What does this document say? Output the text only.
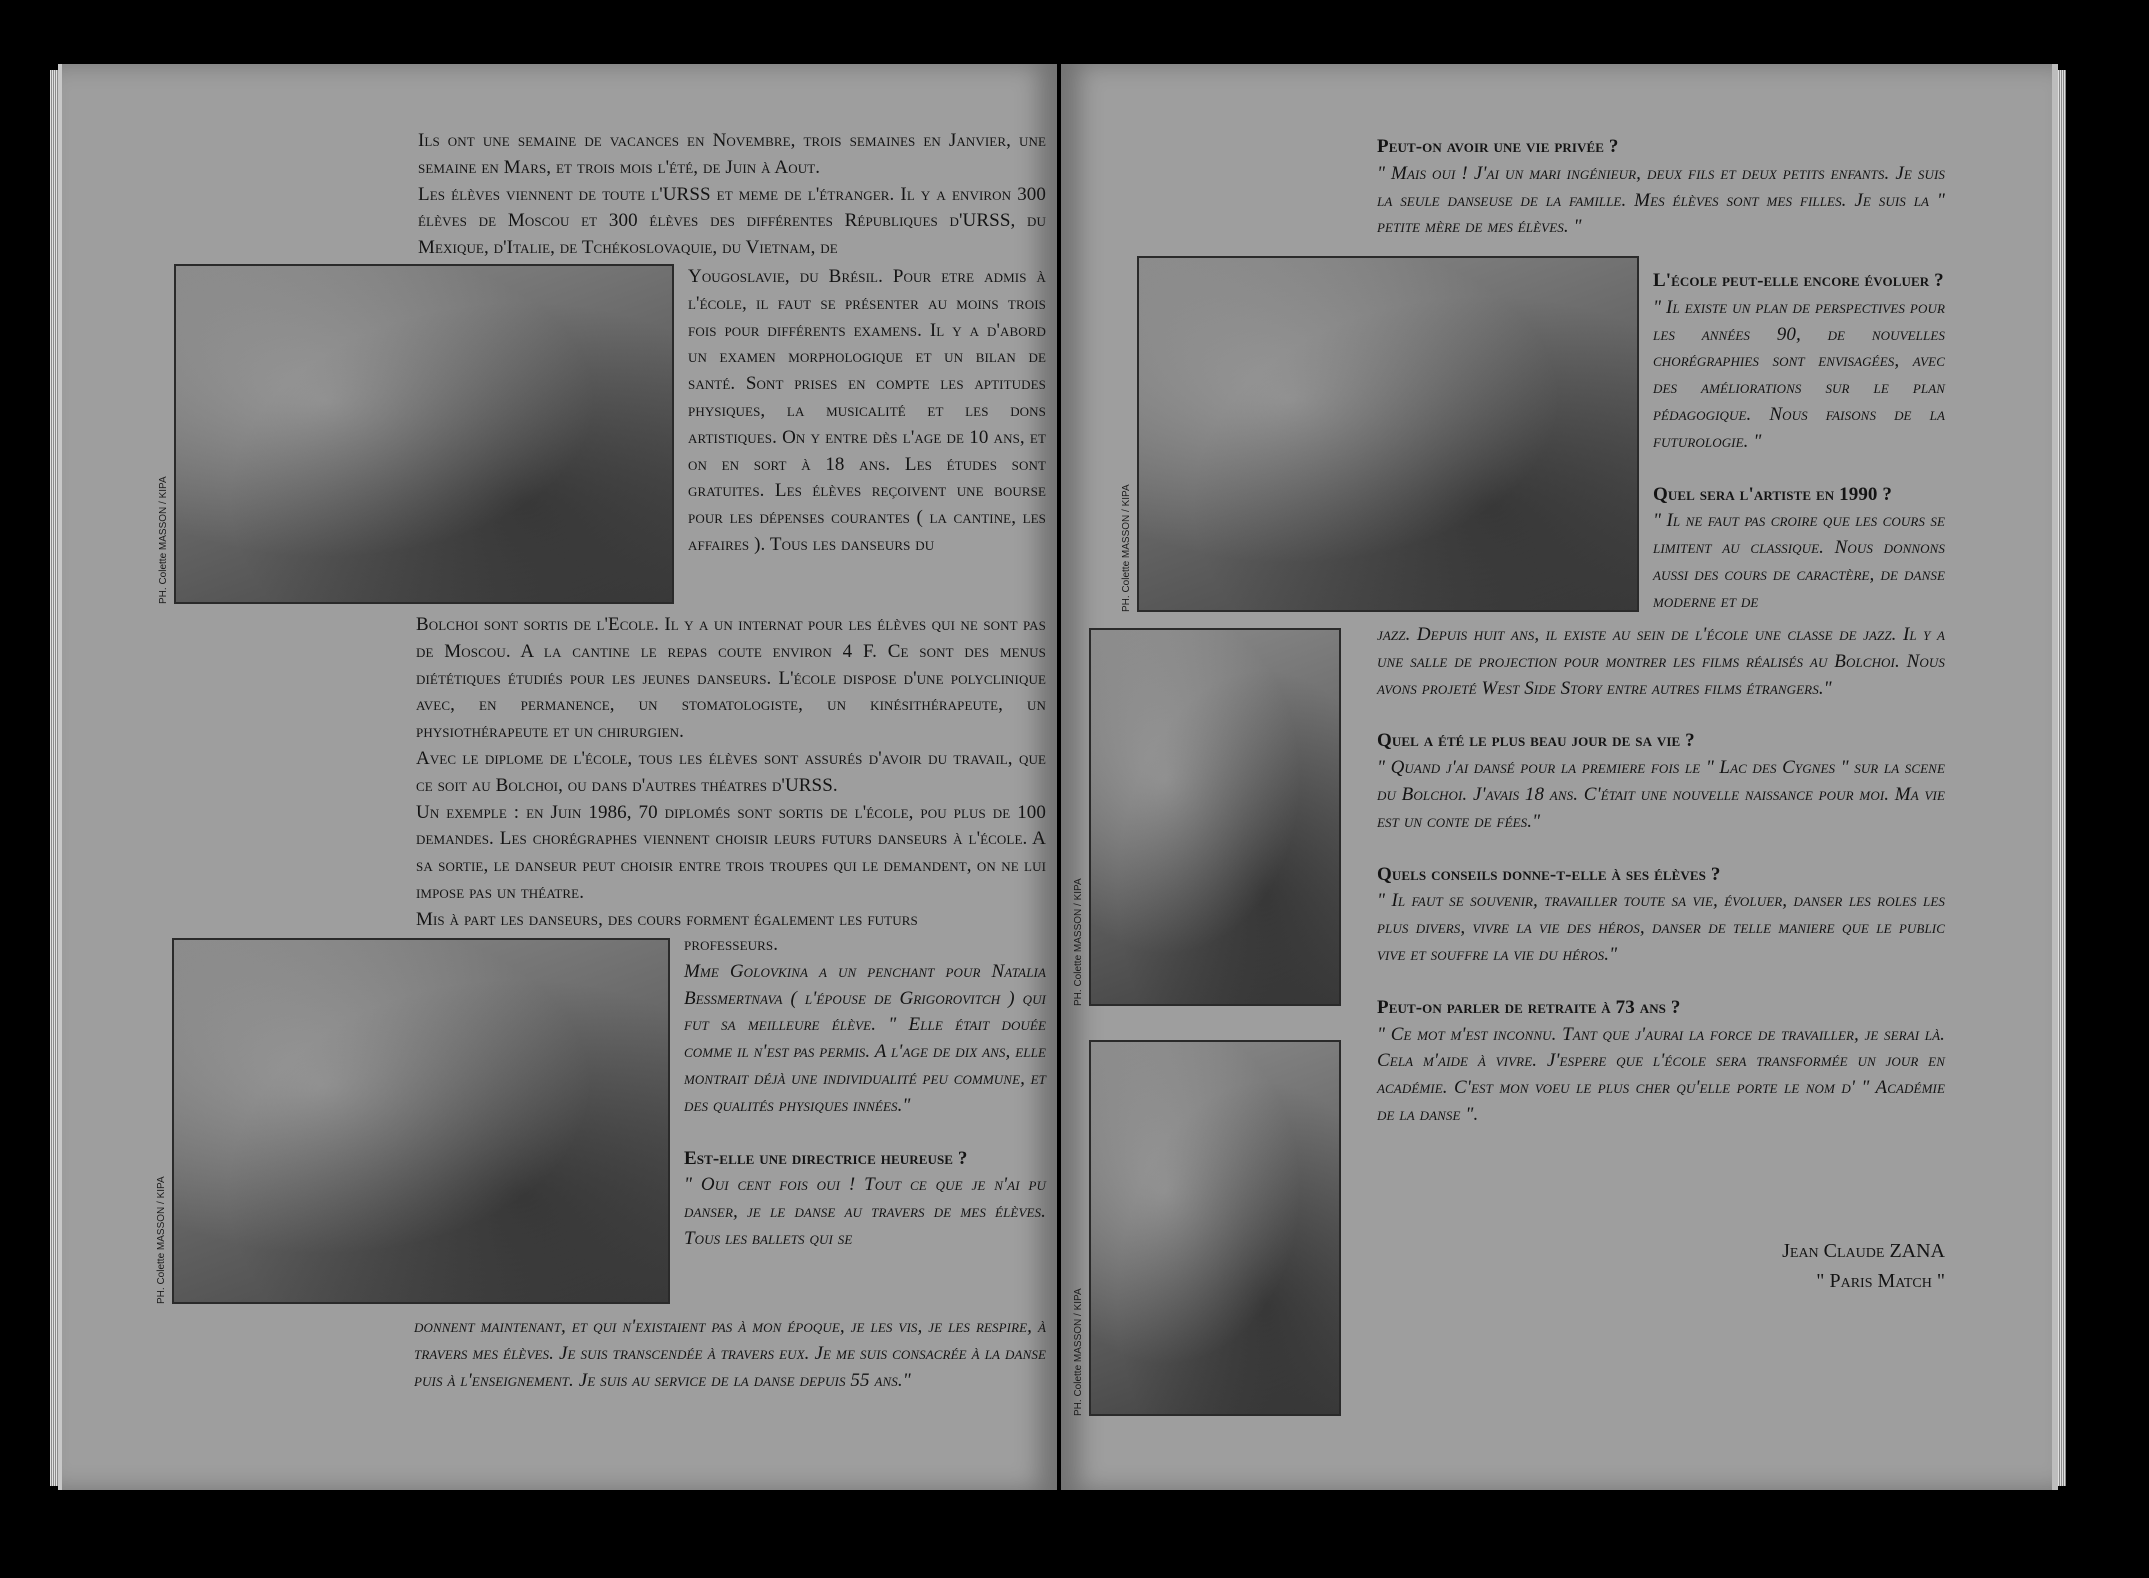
Ils ont une semaine de vacances en Novembre, trois semaines en Janvier, une semaine en Mars, et trois mois l'été, de Juin à Aout.

Les élèves viennent de toute l'URSS et meme de l'étranger. Il y a environ 300 élèves de Moscou et 300 élèves des différentes Républiques d'URSS, du Mexique, d'Italie, de Tchékoslovaquie, du Vietnam, de

PH. Colette MASSON / KIPA

Yougoslavie, du Brésil. Pour etre admis à l'école, il faut se présenter au moins trois fois pour différents examens. Il y a d'abord un examen morphologique et un bilan de santé. Sont prises en compte les aptitudes physiques, la musicalité et les dons artistiques. On y entre dès l'age de 10 ans, et on en sort à 18 ans. Les études sont gratuites. Les élèves reçoivent une bourse pour les dépenses courantes ( la cantine, les affaires ). Tous les danseurs du

Bolchoi sont sortis de l'Ecole. Il y a un internat pour les élèves qui ne sont pas de Moscou. A la cantine le repas coute environ 4 F. Ce sont des menus diététiques étudiés pour les jeunes danseurs. L'école dispose d'une polyclinique avec, en permanence, un stomatologiste, un kinésithérapeute, un physiothérapeute et un chirurgien.

Avec le diplome de l'école, tous les élèves sont assurés d'avoir du travail, que ce soit au Bolchoi, ou dans d'autres théatres d'URSS.

Un exemple : en Juin 1986, 70 diplomés sont sortis de l'école, pou plus de 100 demandes. Les chorégraphes viennent choisir leurs futurs danseurs à l'école. A sa sortie, le danseur peut choisir entre trois troupes qui le demandent, on ne lui impose pas un théatre.

Mis à part les danseurs, des cours forment également les futurs

PH. Colette MASSON / KIPA

professeurs.

Mme Golovkina a un penchant pour Natalia Bessmertnava ( l'épouse de Grigorovitch ) qui fut sa meilleure élève. " Elle était douée comme il n'est pas permis. A l'age de dix ans, elle montrait déjà une individualité peu commune, et des qualités physiques innées."

Est-elle une directrice heureuse ?

" Oui cent fois oui ! Tout ce que je n'ai pu danser, je le danse au travers de mes élèves. Tous les ballets qui se

donnent maintenant, et qui n'existaient pas à mon époque, je les vis, je les respire, à travers mes élèves. Je suis transcendée à travers eux. Je me suis consacrée à la danse puis à l'enseignement. Je suis au service de la danse depuis 55 ans."

Peut-on avoir une vie privée ?

" Mais oui ! J'ai un mari ingénieur, deux fils et deux petits enfants. Je suis la seule danseuse de la famille. Mes élèves sont mes filles. Je suis la " petite mère de mes élèves. "

PH. Colette MASSON / KIPA

L'école peut-elle encore évoluer ?

" Il existe un plan de perspectives pour les années 90, de nouvelles chorégraphies sont envisagées, avec des améliorations sur le plan pédagogique. Nous faisons de la futurologie. "

Quel sera l'artiste en 1990 ?

" Il ne faut pas croire que les cours se limitent au classique. Nous donnons aussi des cours de caractère, de danse moderne et de

PH. Colette MASSON / KIPA
PH. Colette MASSON / KIPA

jazz. Depuis huit ans, il existe au sein de l'école une classe de jazz. Il y a une salle de projection pour montrer les films réalisés au Bolchoi. Nous avons projeté West Side Story entre autres films étrangers."

Quel a été le plus beau jour de sa vie ?

" Quand j'ai dansé pour la premiere fois le " Lac des Cygnes " sur la scene du Bolchoi. J'avais 18 ans. C'était une nouvelle naissance pour moi. Ma vie est un conte de fées."

Quels conseils donne-t-elle à ses élèves ?

" Il faut se souvenir, travailler toute sa vie, évoluer, danser les roles les plus divers, vivre la vie des héros, danser de telle maniere que le public vive et souffre la vie du héros."

Peut-on parler de retraite à 73 ans ?

" Ce mot m'est inconnu. Tant que j'aurai la force de travailler, je serai là. Cela m'aide à vivre. J'espere que l'école sera transformée un jour en académie. C'est mon voeu le plus cher qu'elle porte le nom d' " Académie de la danse ".

Jean Claude ZANA
" Paris Match "
